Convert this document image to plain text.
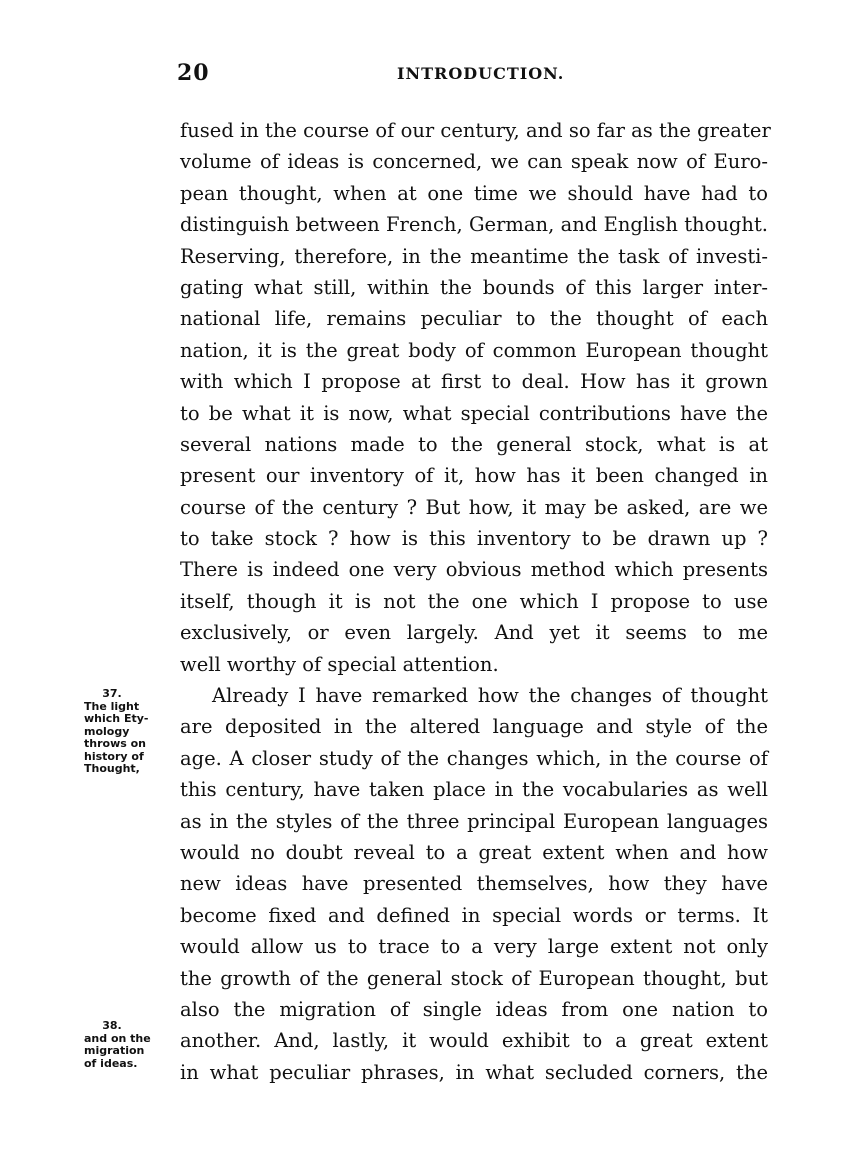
20	INTRODUCTION.
fused in the course of our century, and so far as the greater
volume of ideas is concerned, we can speak now of Euro-
pean thought, when at one time we should have had to
distinguish between French, German, and English thought.
Reserving, therefore, in the meantime the task of investi-
gating what still, within the bounds of this larger inter-
national life, remains peculiar to the thought of each
nation, it is the great body of common European thought
with which I propose at first to deal. How has it grown
to be what it is now, what special contributions have the
several nations made to the general stock, what is at
present our inventory of it, how has it been changed in
course of the century ? But how, it may be asked, are we
to take stock ? how is this inventory to be drawn up ?
There is indeed one very obvious method which presents
itself, though it is not the one which I propose to use
exclusively, or even largely. And yet it seems to me
well worthy of special attention.
Already I have remarked how the changes of thought
are deposited in the altered language and style of the
age. A closer study of the changes which, in the course of
this century, have taken place in the vocabularies as well
as in the styles of the three principal European languages
would no doubt reveal to a great extent when and how
new ideas have presented themselves, how they have
become fixed and defined in special words or terms. It
would allow us to trace to a very large extent not only
the growth of the general stock of European thought, but
also the migration of single ideas from one nation to
another. And, lastly, it would exhibit to a great extent
in what peculiar phrases, in what secluded corners, the
37.
The light
which Ety-
mology
throws on
history of
Thought,
38.
and on the
migration
of ideas.
